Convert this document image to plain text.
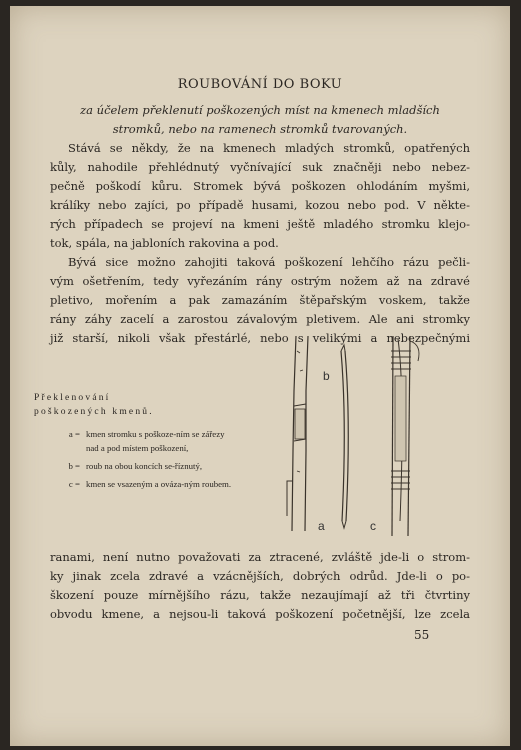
ROUBOVÁNÍ DO BOKU
za účelem překlenutí poškozených míst na kmenech mladších
stromků, nebo na ramenech stromků tvarovaných.
Stává se někdy, že na kmenech mladých stromků, opatřených
kůly, nahodile přehlédnutý vyčnívající suk značněji nebo nebez-
pečně poškodí kůru. Stromek bývá poškozen ohlodáním myšmi,
králíky nebo zajíci, po případě husami, kozou nebo pod. V někte-
rých případech se projeví na kmeni ještě mladého stromku klejo-
tok, spála, na jabloních rakovina a pod.
Bývá sice možno zahojiti taková poškození lehčího rázu pečli-
vým ošetřením, tedy vyřezáním rány ostrým nožem až na zdravé
pletivo, mořením a pak zamazáním štěpařským voskem, takže
rány záhy zacelí a zarostou závalovým pletivem. Ale ani stromky
již starší, nikoli však přestárlé, nebo s velikými a nebezpečnými
Překlenování
poškozených kmenů.
a = kmen stromku s poškoze-ním se zářezy nad a pod místem poškození,
b = roub na obou koncích se-říznutý,
c = kmen se vsazeným a ováza-ným roubem.
b
a	c
ranami, není nutno považovati za ztracené, zvláště jde-li o strom-
ky jinak zcela zdravé a vzácnějších, dobrých odrůd. Jde-li o po-
škození pouze mírnějšího rázu, takže nezaujímají až tři čtvrtiny
obvodu kmene, a nejsou-li taková poškození početnější, lze zcela
55
